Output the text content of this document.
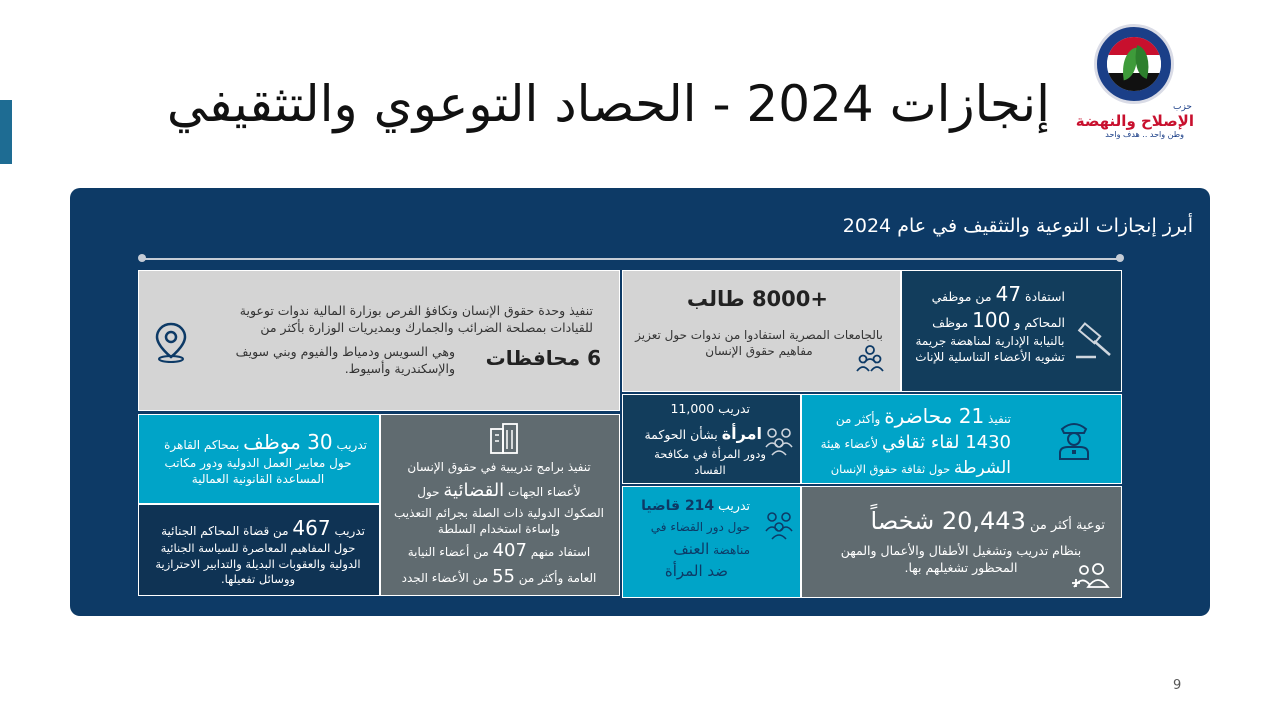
إنجازات 2024 - الحصاد التوعوي والتثقيفي	حزب
الإصلاح والنهضة
وطن واحد .. هدف واحد
أبرز إنجازات التوعية والتثقيف في عام 2024
تنفيذ وحدة حقوق الإنسان وتكافؤ الفرص بوزارة المالية ندوات توعوية للقيادات بمصلحة الضرائب والجمارك وبمديريات الوزارة بأكثر من
6 محافظات
وهي السويس ودمياط والفيوم وبني سويف والإسكندرية وأسيوط.
+8000 طالب
بالجامعات المصرية استفادوا من ندوات حول تعزيز مفاهيم حقوق الإنسان
استفادة 47 من موظفي
المحاكم و 100 موظف
بالنيابة الإدارية لمناهضة جريمة تشويه الأعضاء التناسلية للإناث
تدريب 11,000
امرأة بشأن الحوكمة
ودور المرأة في مكافحة الفساد
تنفيذ 21 محاضرة وأكثر من
1430 لقاء ثقافي لأعضاء هيئة
الشرطة حول ثقافة حقوق الإنسان
تدريب 30 موظف بمحاكم القاهرة
حول معايير العمل الدولية ودور مكاتب المساعدة القانونية العمالية
تنفيذ برامج تدريبية في حقوق الإنسان
لأعضاء الجهات القضائية حول
الصكوك الدولية ذات الصلة بجرائم التعذيب وإساءة استخدام السلطة
استفاد منهم 407 من أعضاء النيابة
العامة وأكثر من 55 من الأعضاء الجدد
تدريب 467 من قضاة المحاكم الجنائية
حول المفاهيم المعاصرة للسياسة الجنائية الدولية والعقوبات البديلة والتدابير الاحترازية ووسائل تفعيلها.
تدريب 214 قاضيا
حول دور القضاء في
مناهضة العنف
ضد المرأة
توعية أكثر من 20,443 شخصاً
بنظام تدريب وتشغيل الأطفال والأعمال والمهن المحظور تشغيلهم بها.
9
